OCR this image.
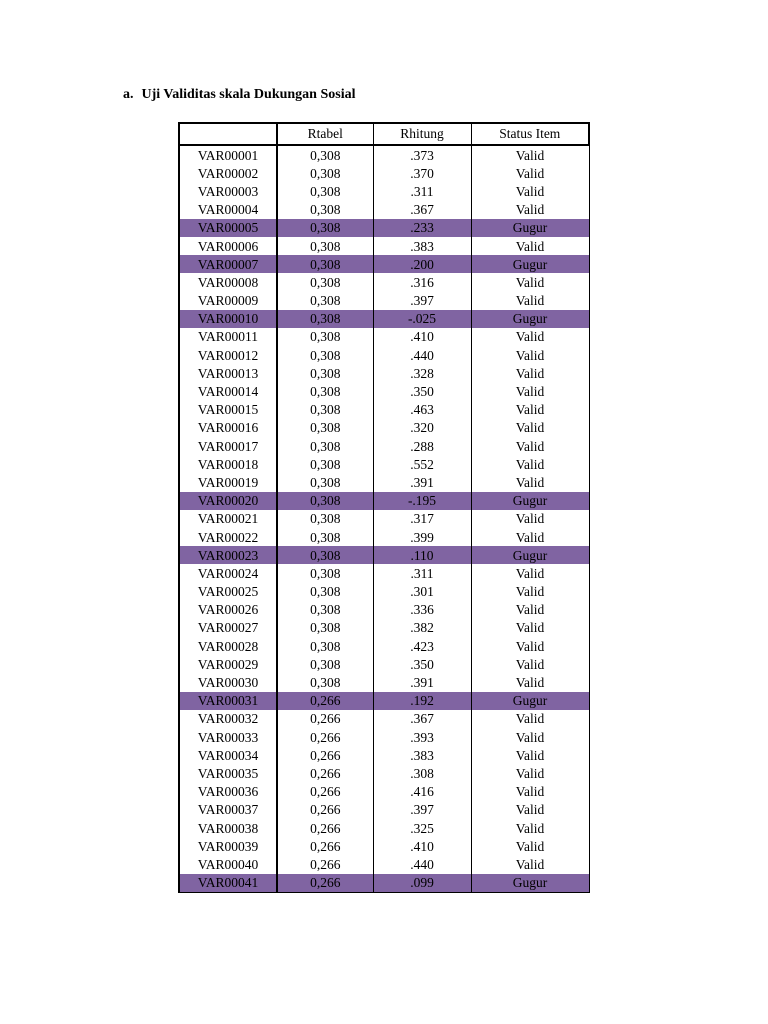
a. Uji Validitas skala Dukungan Sosial
	Rtabel	Rhitung	Status Item
VAR00001	0,308	.373	Valid
VAR00002	0,308	.370	Valid
VAR00003	0,308	.311	Valid
VAR00004	0,308	.367	Valid
VAR00005	0,308	.233	Gugur
VAR00006	0,308	.383	Valid
VAR00007	0,308	.200	Gugur
VAR00008	0,308	.316	Valid
VAR00009	0,308	.397	Valid
VAR00010	0,308	-.025	Gugur
VAR00011	0,308	.410	Valid
VAR00012	0,308	.440	Valid
VAR00013	0,308	.328	Valid
VAR00014	0,308	.350	Valid
VAR00015	0,308	.463	Valid
VAR00016	0,308	.320	Valid
VAR00017	0,308	.288	Valid
VAR00018	0,308	.552	Valid
VAR00019	0,308	.391	Valid
VAR00020	0,308	-.195	Gugur
VAR00021	0,308	.317	Valid
VAR00022	0,308	.399	Valid
VAR00023	0,308	.110	Gugur
VAR00024	0,308	.311	Valid
VAR00025	0,308	.301	Valid
VAR00026	0,308	.336	Valid
VAR00027	0,308	.382	Valid
VAR00028	0,308	.423	Valid
VAR00029	0,308	.350	Valid
VAR00030	0,308	.391	Valid
VAR00031	0,266	.192	Gugur
VAR00032	0,266	.367	Valid
VAR00033	0,266	.393	Valid
VAR00034	0,266	.383	Valid
VAR00035	0,266	.308	Valid
VAR00036	0,266	.416	Valid
VAR00037	0,266	.397	Valid
VAR00038	0,266	.325	Valid
VAR00039	0,266	.410	Valid
VAR00040	0,266	.440	Valid
VAR00041	0,266	.099	Gugur
